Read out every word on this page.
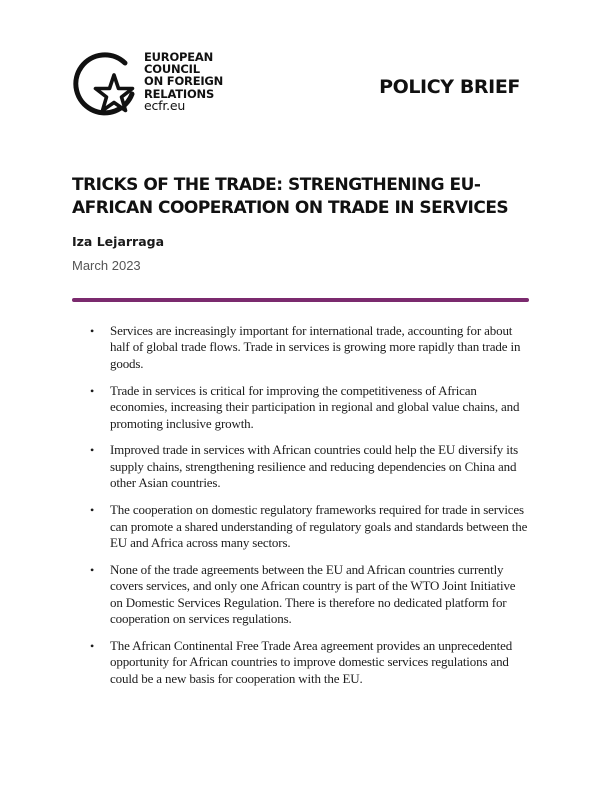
EUROPEAN
COUNCIL
ON FOREIGN
RELATIONS
ecfr.eu
POLICY BRIEF
TRICKS OF THE TRADE: STRENGTHENING EU-AFRICAN COOPERATION ON TRADE IN SERVICES
Iza Lejarraga
March 2023
• Services are increasingly important for international trade, accounting for about half of global trade flows. Trade in services is growing more rapidly than trade in goods.
• Trade in services is critical for improving the competitiveness of African economies, increasing their participation in regional and global value chains, and promoting inclusive growth.
• Improved trade in services with African countries could help the EU diversify its supply chains, strengthening resilience and reducing dependencies on China and other Asian countries.
• The cooperation on domestic regulatory frameworks required for trade in services can promote a shared understanding of regulatory goals and standards between the EU and Africa across many sectors.
• None of the trade agreements between the EU and African countries currently covers services, and only one African country is part of the WTO Joint Initiative on Domestic Services Regulation. There is therefore no dedicated platform for cooperation on services regulations.
• The African Continental Free Trade Area agreement provides an unprecedented opportunity for African countries to improve domestic services regulations and could be a new basis for cooperation with the EU.
